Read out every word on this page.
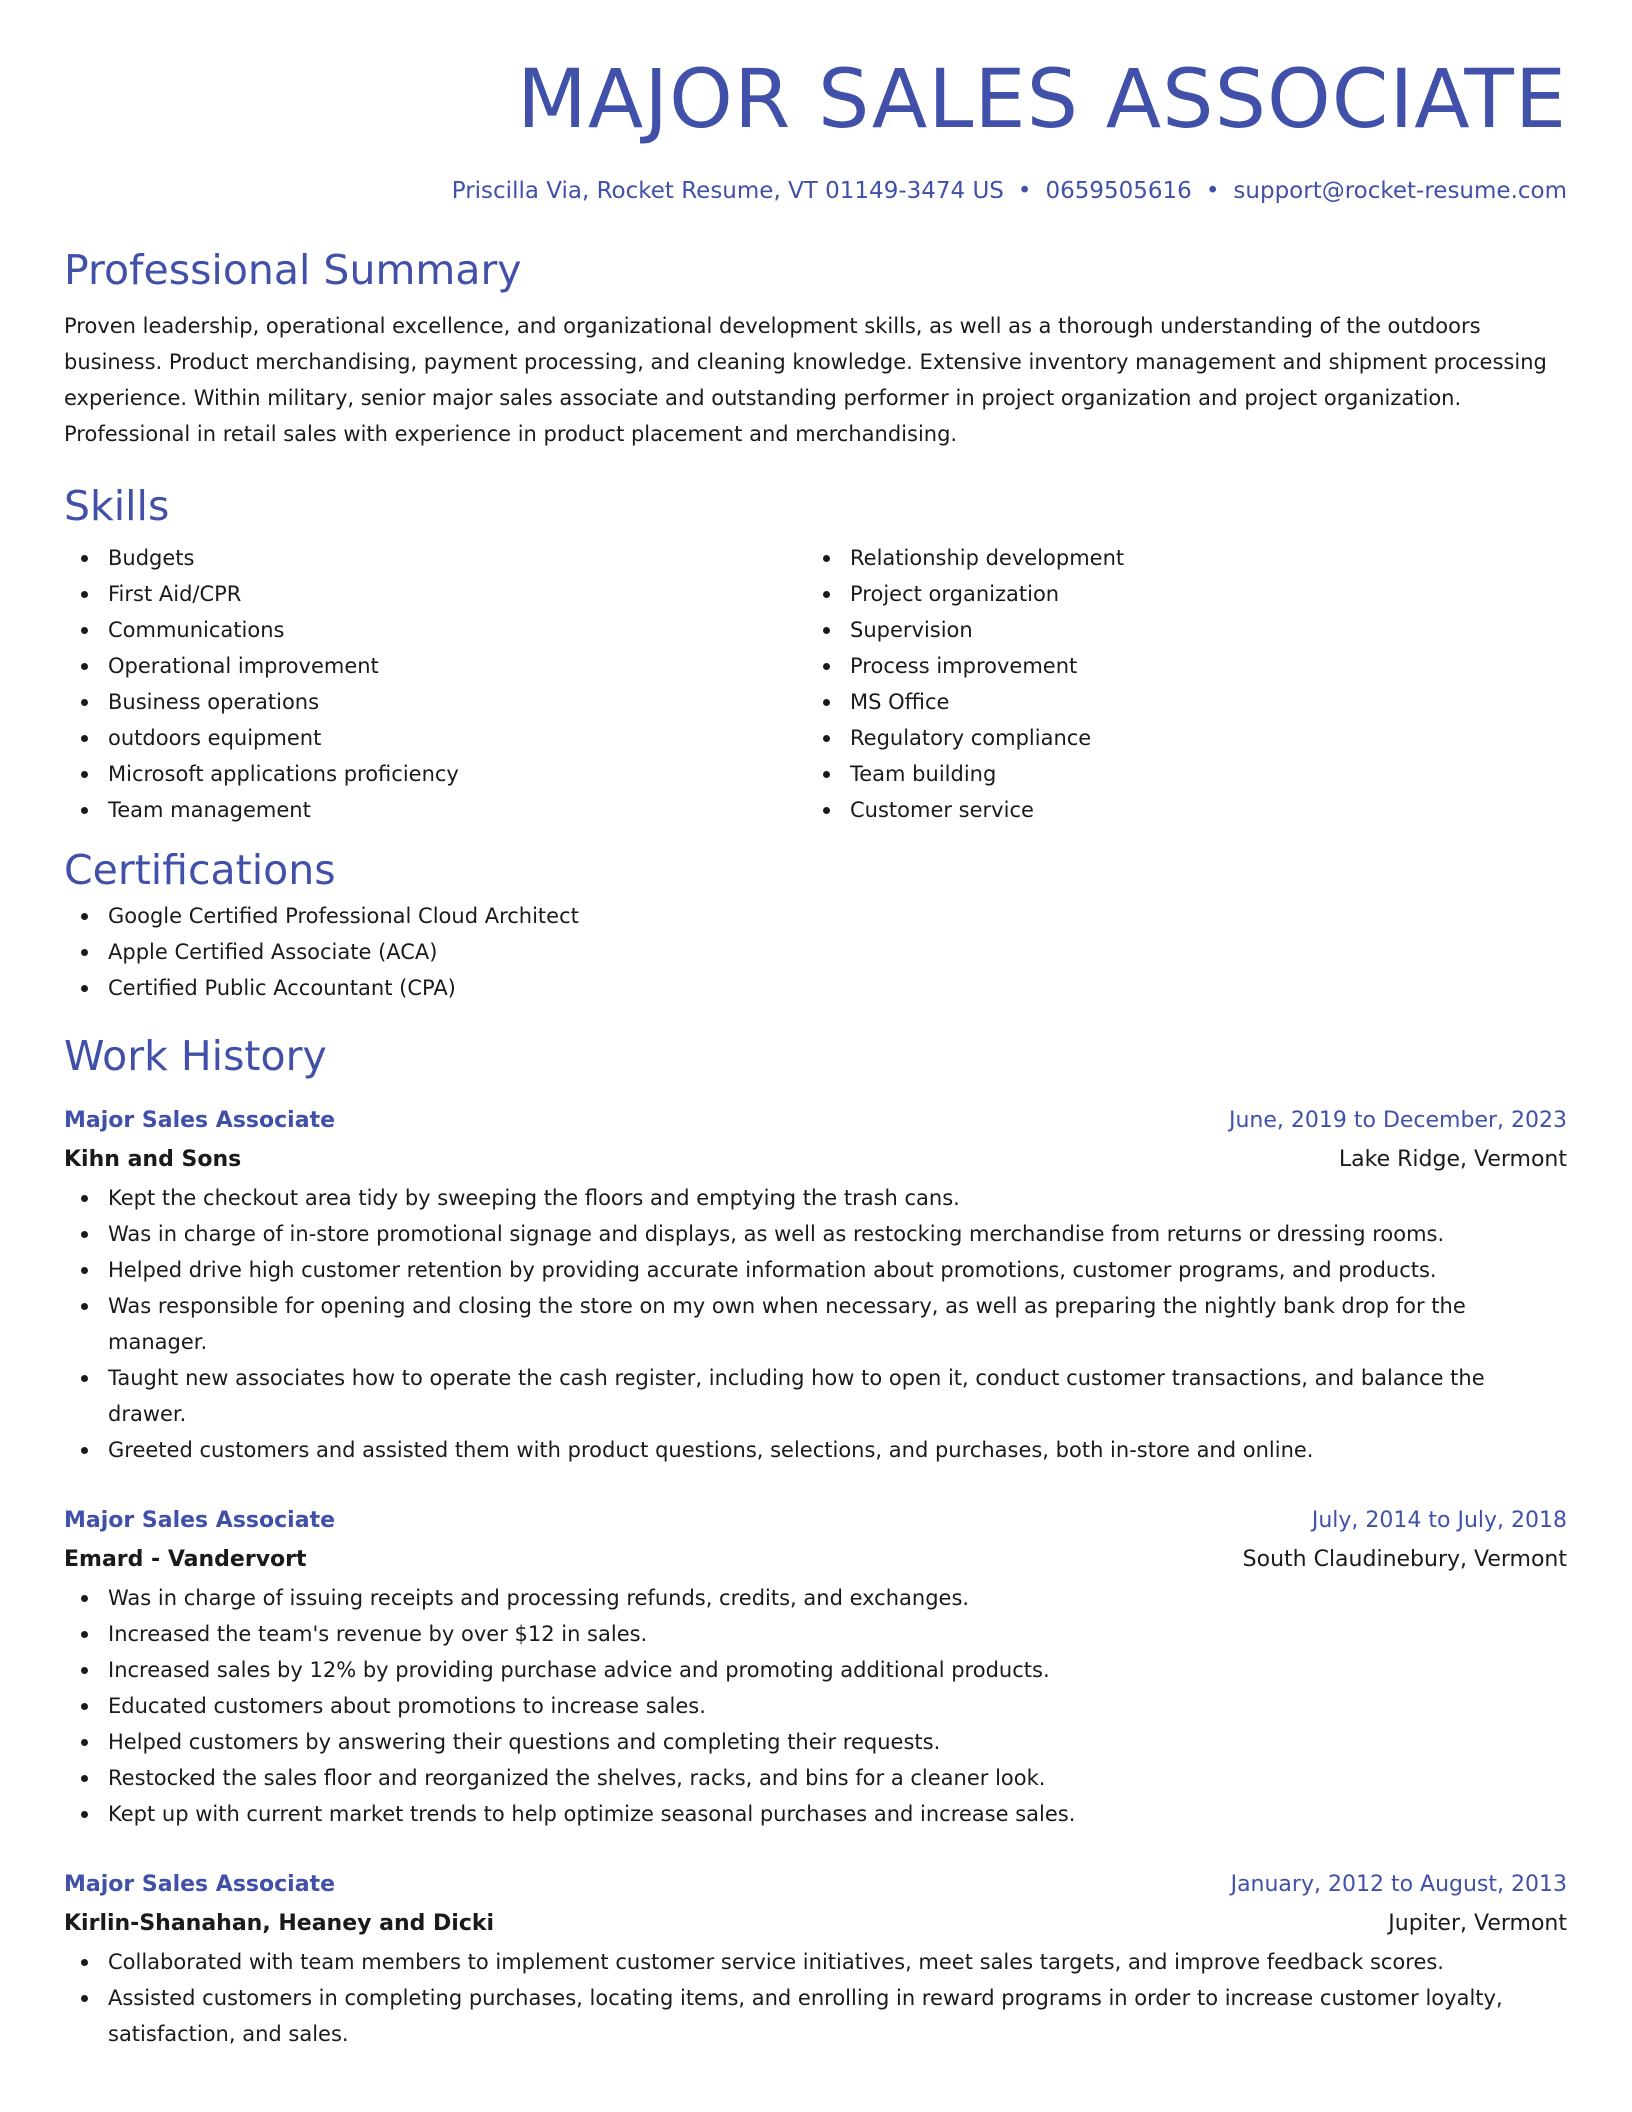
MAJOR SALES ASSOCIATE
Priscilla Via, Rocket Resume, VT 01149-3474 US • 0659505616 • support@rocket-resume.com
Professional Summary

Proven leadership, operational excellence, and organizational development skills, as well as a thorough understanding of the outdoors business. Product merchandising, payment processing, and cleaning knowledge. Extensive inventory management and shipment processing experience. Within military, senior major sales associate and outstanding performer in project organization and project organization. Professional in retail sales with experience in product placement and merchandising.

Skills
Budgets
First Aid/CPR
Communications
Operational improvement
Business operations
outdoors equipment
Microsoft applications proficiency
Team management
Relationship development
Project organization
Supervision
Process improvement
MS Office
Regulatory compliance
Team building
Customer service
Certifications
Google Certified Professional Cloud Architect
Apple Certified Associate (ACA)
Certified Public Accountant (CPA)
Work History
Major Sales Associate	June, 2019 to December, 2023
Kihn and Sons	Lake Ridge, Vermont
Kept the checkout area tidy by sweeping the floors and emptying the trash cans.
Was in charge of in-store promotional signage and displays, as well as restocking merchandise from returns or dressing rooms.
Helped drive high customer retention by providing accurate information about promotions, customer programs, and products.
Was responsible for opening and closing the store on my own when necessary, as well as preparing the nightly bank drop for the manager.
Taught new associates how to operate the cash register, including how to open it, conduct customer transactions, and balance the drawer.
Greeted customers and assisted them with product questions, selections, and purchases, both in-store and online.
Major Sales Associate	July, 2014 to July, 2018
Emard - Vandervort	South Claudinebury, Vermont
Was in charge of issuing receipts and processing refunds, credits, and exchanges.
Increased the team's revenue by over $12 in sales.
Increased sales by 12% by providing purchase advice and promoting additional products.
Educated customers about promotions to increase sales.
Helped customers by answering their questions and completing their requests.
Restocked the sales floor and reorganized the shelves, racks, and bins for a cleaner look.
Kept up with current market trends to help optimize seasonal purchases and increase sales.
Major Sales Associate	January, 2012 to August, 2013
Kirlin-Shanahan, Heaney and Dicki	Jupiter, Vermont
Collaborated with team members to implement customer service initiatives, meet sales targets, and improve feedback scores.
Assisted customers in completing purchases, locating items, and enrolling in reward programs in order to increase customer loyalty, satisfaction, and sales.
